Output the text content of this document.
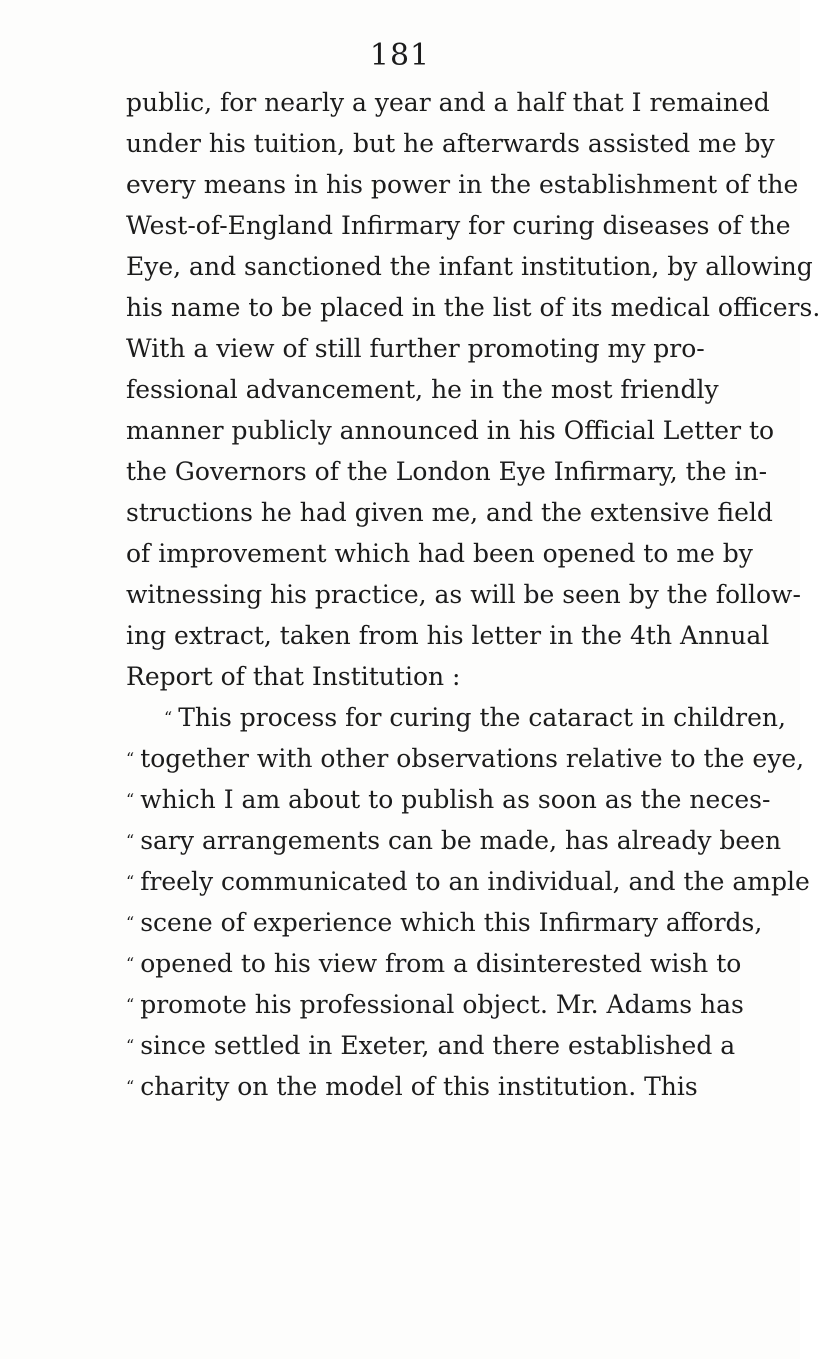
181
public, for nearly a year and a half that I remained
under his tuition, but he afterwards assisted me by
every means in his power in the establishment of the
West-of-England Infirmary for curing diseases of the
Eye, and sanctioned the infant institution, by allowing
his name to be placed in the list of its medical officers.
With a view of still further promoting my pro-
fessional advancement, he in the most friendly
manner publicly announced in his Official Letter to
the Governors of the London Eye Infirmary, the in-
structions he had given me, and the extensive field
of improvement which had been opened to me by
witnessing his practice, as will be seen by the follow-
ing extract, taken from his letter in the 4th Annual
Report of that Institution :
“ This process for curing the cataract in children,
“ together with other observations relative to the eye,
“ which I am about to publish as soon as the neces-
“ sary arrangements can be made, has already been
“ freely communicated to an individual, and the ample
“ scene of experience which this Infirmary affords,
“ opened to his view from a disinterested wish to
“ promote his professional object. Mr. Adams has
“ since settled in Exeter, and there established a
“ charity on the model of this institution. This
